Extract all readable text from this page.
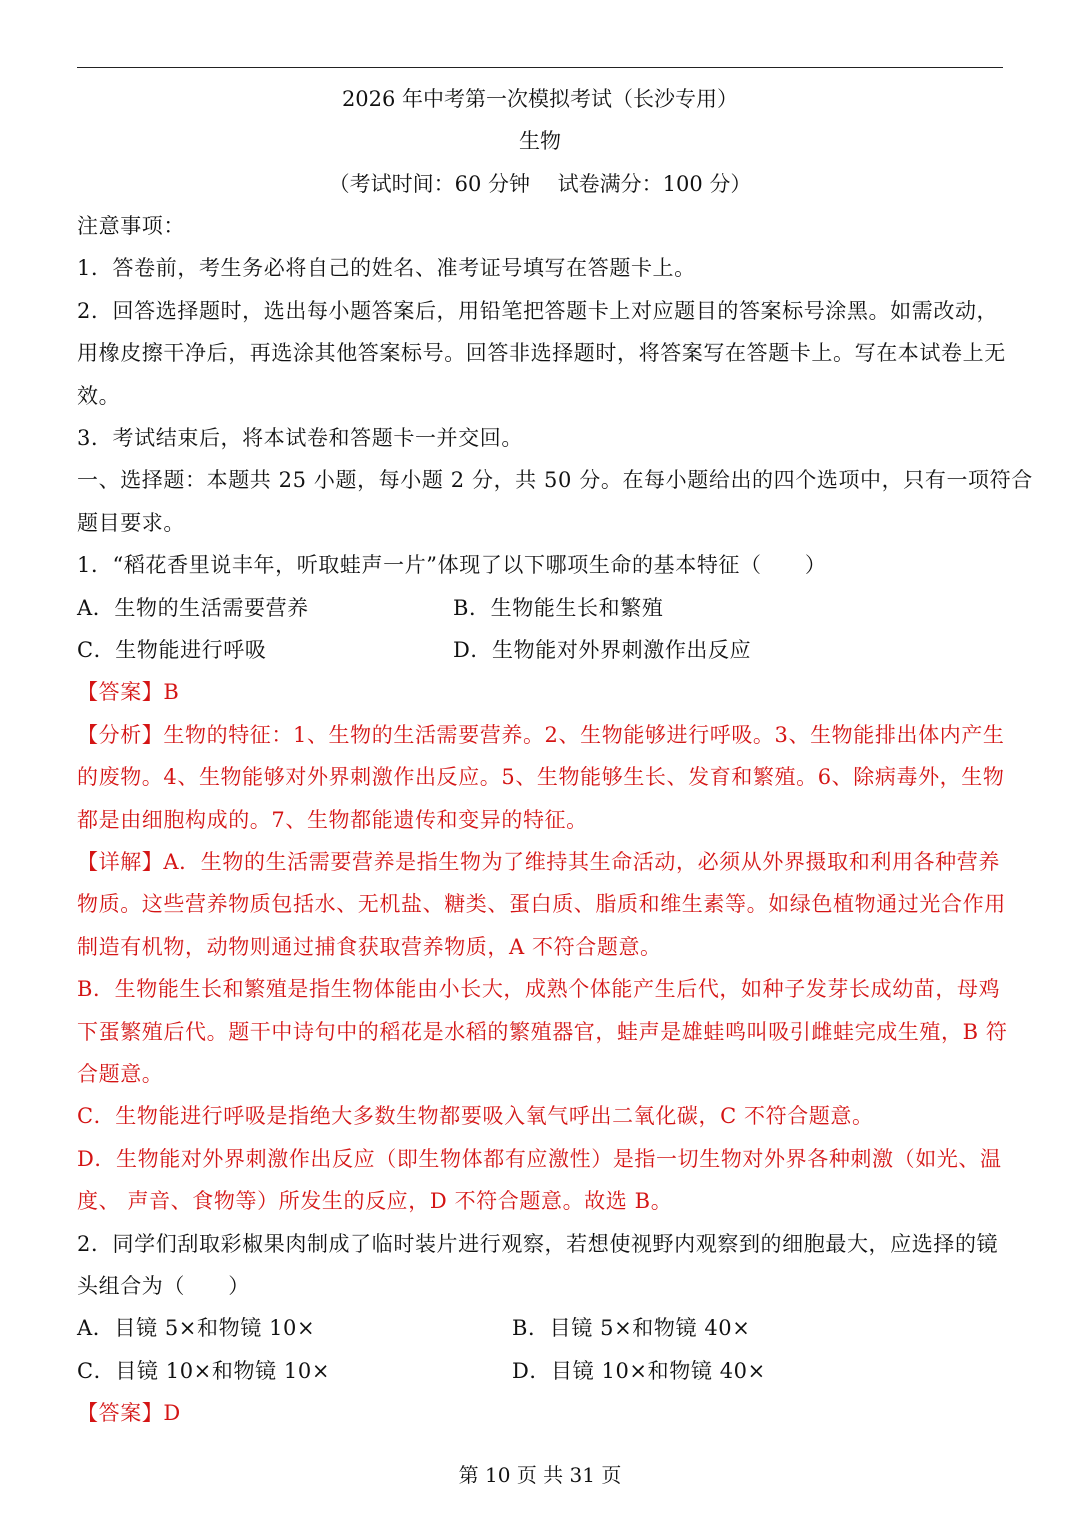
2026 年中考第一次模拟考试（长沙专用）
生物
（考试时间：60 分钟　 试卷满分：100 分）
注意事项：
1．答卷前，考生务必将自己的姓名、准考证号填写在答题卡上。
2．回答选择题时，选出每小题答案后，用铅笔把答题卡上对应题目的答案标号涂黑。如需改动，
用橡皮擦干净后，再选涂其他答案标号。回答非选择题时，将答案写在答题卡上。写在本试卷上无
效。
3．考试结束后，将本试卷和答题卡一并交回。
一、选择题：本题共 25 小题，每小题 2 分，共 50 分。在每小题给出的四个选项中，只有一项符合
题目要求。
1．“稻花香里说丰年，听取蛙声一片”体现了以下哪项生命的基本特征（　　）
A．生物的生活需要营养	B．生物能生长和繁殖
C．生物能进行呼吸	D．生物能对外界刺激作出反应
【答案】B
【分析】生物的特征：1、生物的生活需要营养。2、生物能够进行呼吸。3、生物能排出体内产生
的废物。4、生物能够对外界刺激作出反应。5、生物能够生长、发育和繁殖。6、除病毒外，生物
都是由细胞构成的。7、生物都能遗传和变异的特征。
【详解】A．生物的生活需要营养是指生物为了维持其生命活动，必须从外界摄取和利用各种营养
物质。这些营养物质包括水、无机盐、糖类、蛋白质、脂质和维生素等。如绿色植物通过光合作用
制造有机物，动物则通过捕食获取营养物质，A 不符合题意。
B．生物能生长和繁殖是指生物体能由小长大，成熟个体能产生后代，如种子发芽长成幼苗，母鸡
下蛋繁殖后代。题干中诗句中的稻花是水稻的繁殖器官，蛙声是雄蛙鸣叫吸引雌蛙完成生殖，B 符
合题意。
C．生物能进行呼吸是指绝大多数生物都要吸入氧气呼出二氧化碳，C 不符合题意。
D．生物能对外界刺激作出反应（即生物体都有应激性）是指一切生物对外界各种刺激（如光、温
度、 声音、食物等）所发生的反应，D 不符合题意。故选 B。
2．同学们刮取彩椒果肉制成了临时装片进行观察，若想使视野内观察到的细胞最大，应选择的镜
头组合为（　　）
A．目镜 5×和物镜 10×	B．目镜 5×和物镜 40×
C．目镜 10×和物镜 10×	D．目镜 10×和物镜 40×
【答案】D
第 10 页 共 31 页
